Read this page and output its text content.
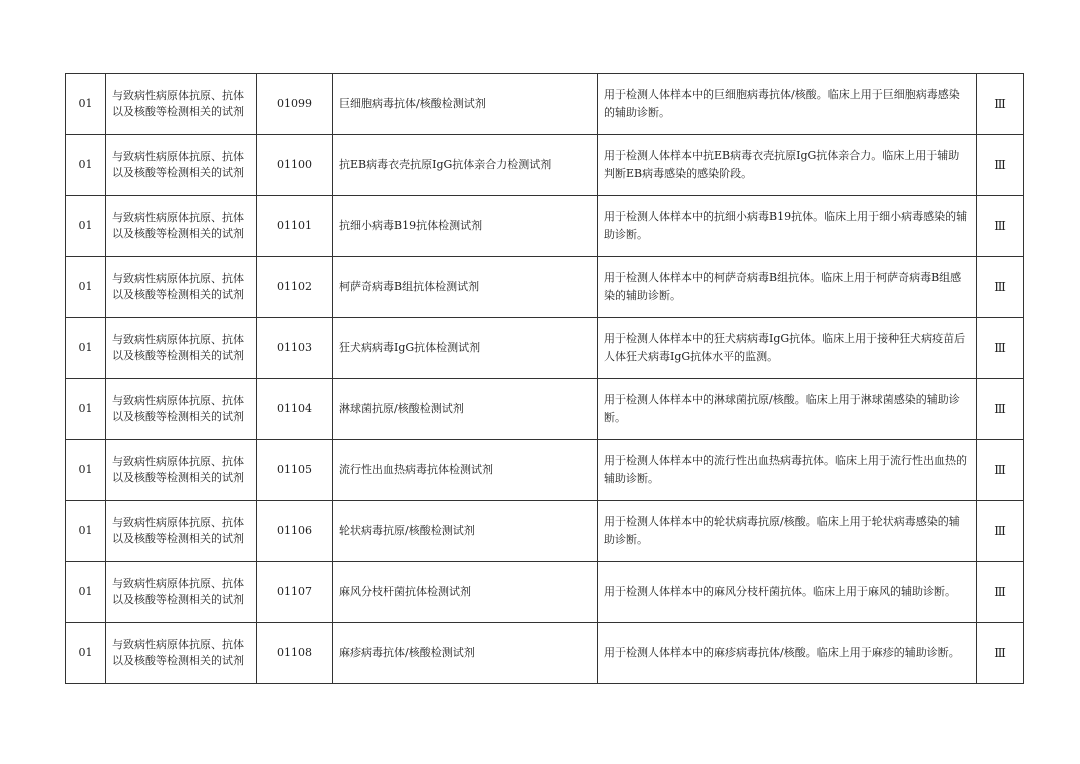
01	与致病性病原体抗原、抗体以及核酸等检测相关的试剂	01099	巨细胞病毒抗体/核酸检测试剂	用于检测人体样本中的巨细胞病毒抗体/核酸。临床上用于巨细胞病毒感染的辅助诊断。	Ⅲ
01	与致病性病原体抗原、抗体以及核酸等检测相关的试剂	01100	抗EB病毒衣壳抗原IgG抗体亲合力检测试剂	用于检测人体样本中抗EB病毒衣壳抗原IgG抗体亲合力。临床上用于辅助判断EB病毒感染的感染阶段。	Ⅲ
01	与致病性病原体抗原、抗体以及核酸等检测相关的试剂	01101	抗细小病毒B19抗体检测试剂	用于检测人体样本中的抗细小病毒B19抗体。临床上用于细小病毒感染的辅助诊断。	Ⅲ
01	与致病性病原体抗原、抗体以及核酸等检测相关的试剂	01102	柯萨奇病毒B组抗体检测试剂	用于检测人体样本中的柯萨奇病毒B组抗体。临床上用于柯萨奇病毒B组感染的辅助诊断。	Ⅲ
01	与致病性病原体抗原、抗体以及核酸等检测相关的试剂	01103	狂犬病病毒IgG抗体检测试剂	用于检测人体样本中的狂犬病病毒IgG抗体。临床上用于接种狂犬病疫苗后人体狂犬病毒IgG抗体水平的监测。	Ⅲ
01	与致病性病原体抗原、抗体以及核酸等检测相关的试剂	01104	淋球菌抗原/核酸检测试剂	用于检测人体样本中的淋球菌抗原/核酸。临床上用于淋球菌感染的辅助诊断。	Ⅲ
01	与致病性病原体抗原、抗体以及核酸等检测相关的试剂	01105	流行性出血热病毒抗体检测试剂	用于检测人体样本中的流行性出血热病毒抗体。临床上用于流行性出血热的辅助诊断。	Ⅲ
01	与致病性病原体抗原、抗体以及核酸等检测相关的试剂	01106	轮状病毒抗原/核酸检测试剂	用于检测人体样本中的轮状病毒抗原/核酸。临床上用于轮状病毒感染的辅助诊断。	Ⅲ
01	与致病性病原体抗原、抗体以及核酸等检测相关的试剂	01107	麻风分枝杆菌抗体检测试剂	用于检测人体样本中的麻风分枝杆菌抗体。临床上用于麻风的辅助诊断。	Ⅲ
01	与致病性病原体抗原、抗体以及核酸等检测相关的试剂	01108	麻疹病毒抗体/核酸检测试剂	用于检测人体样本中的麻疹病毒抗体/核酸。临床上用于麻疹的辅助诊断。	Ⅲ
